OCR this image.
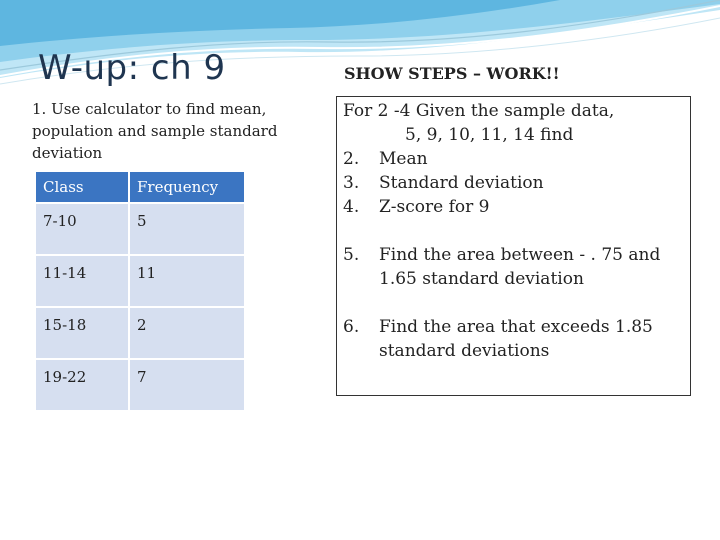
W-up: ch 9
1. Use calculator to find mean, population and sample standard deviation
Class	Frequency
7-10	5
11-14	11
15-18	2
19-22	7
SHOW STEPS – WORK!!

For 2 -4 Given the sample data,

5, 9, 10, 11, 14 find

2.	Mean
3.	Standard deviation
4.	Z-score for 9
5.	Find the area between - . 75 and 1.65 standard deviation
6.	Find the area that exceeds 1.85 standard deviations
